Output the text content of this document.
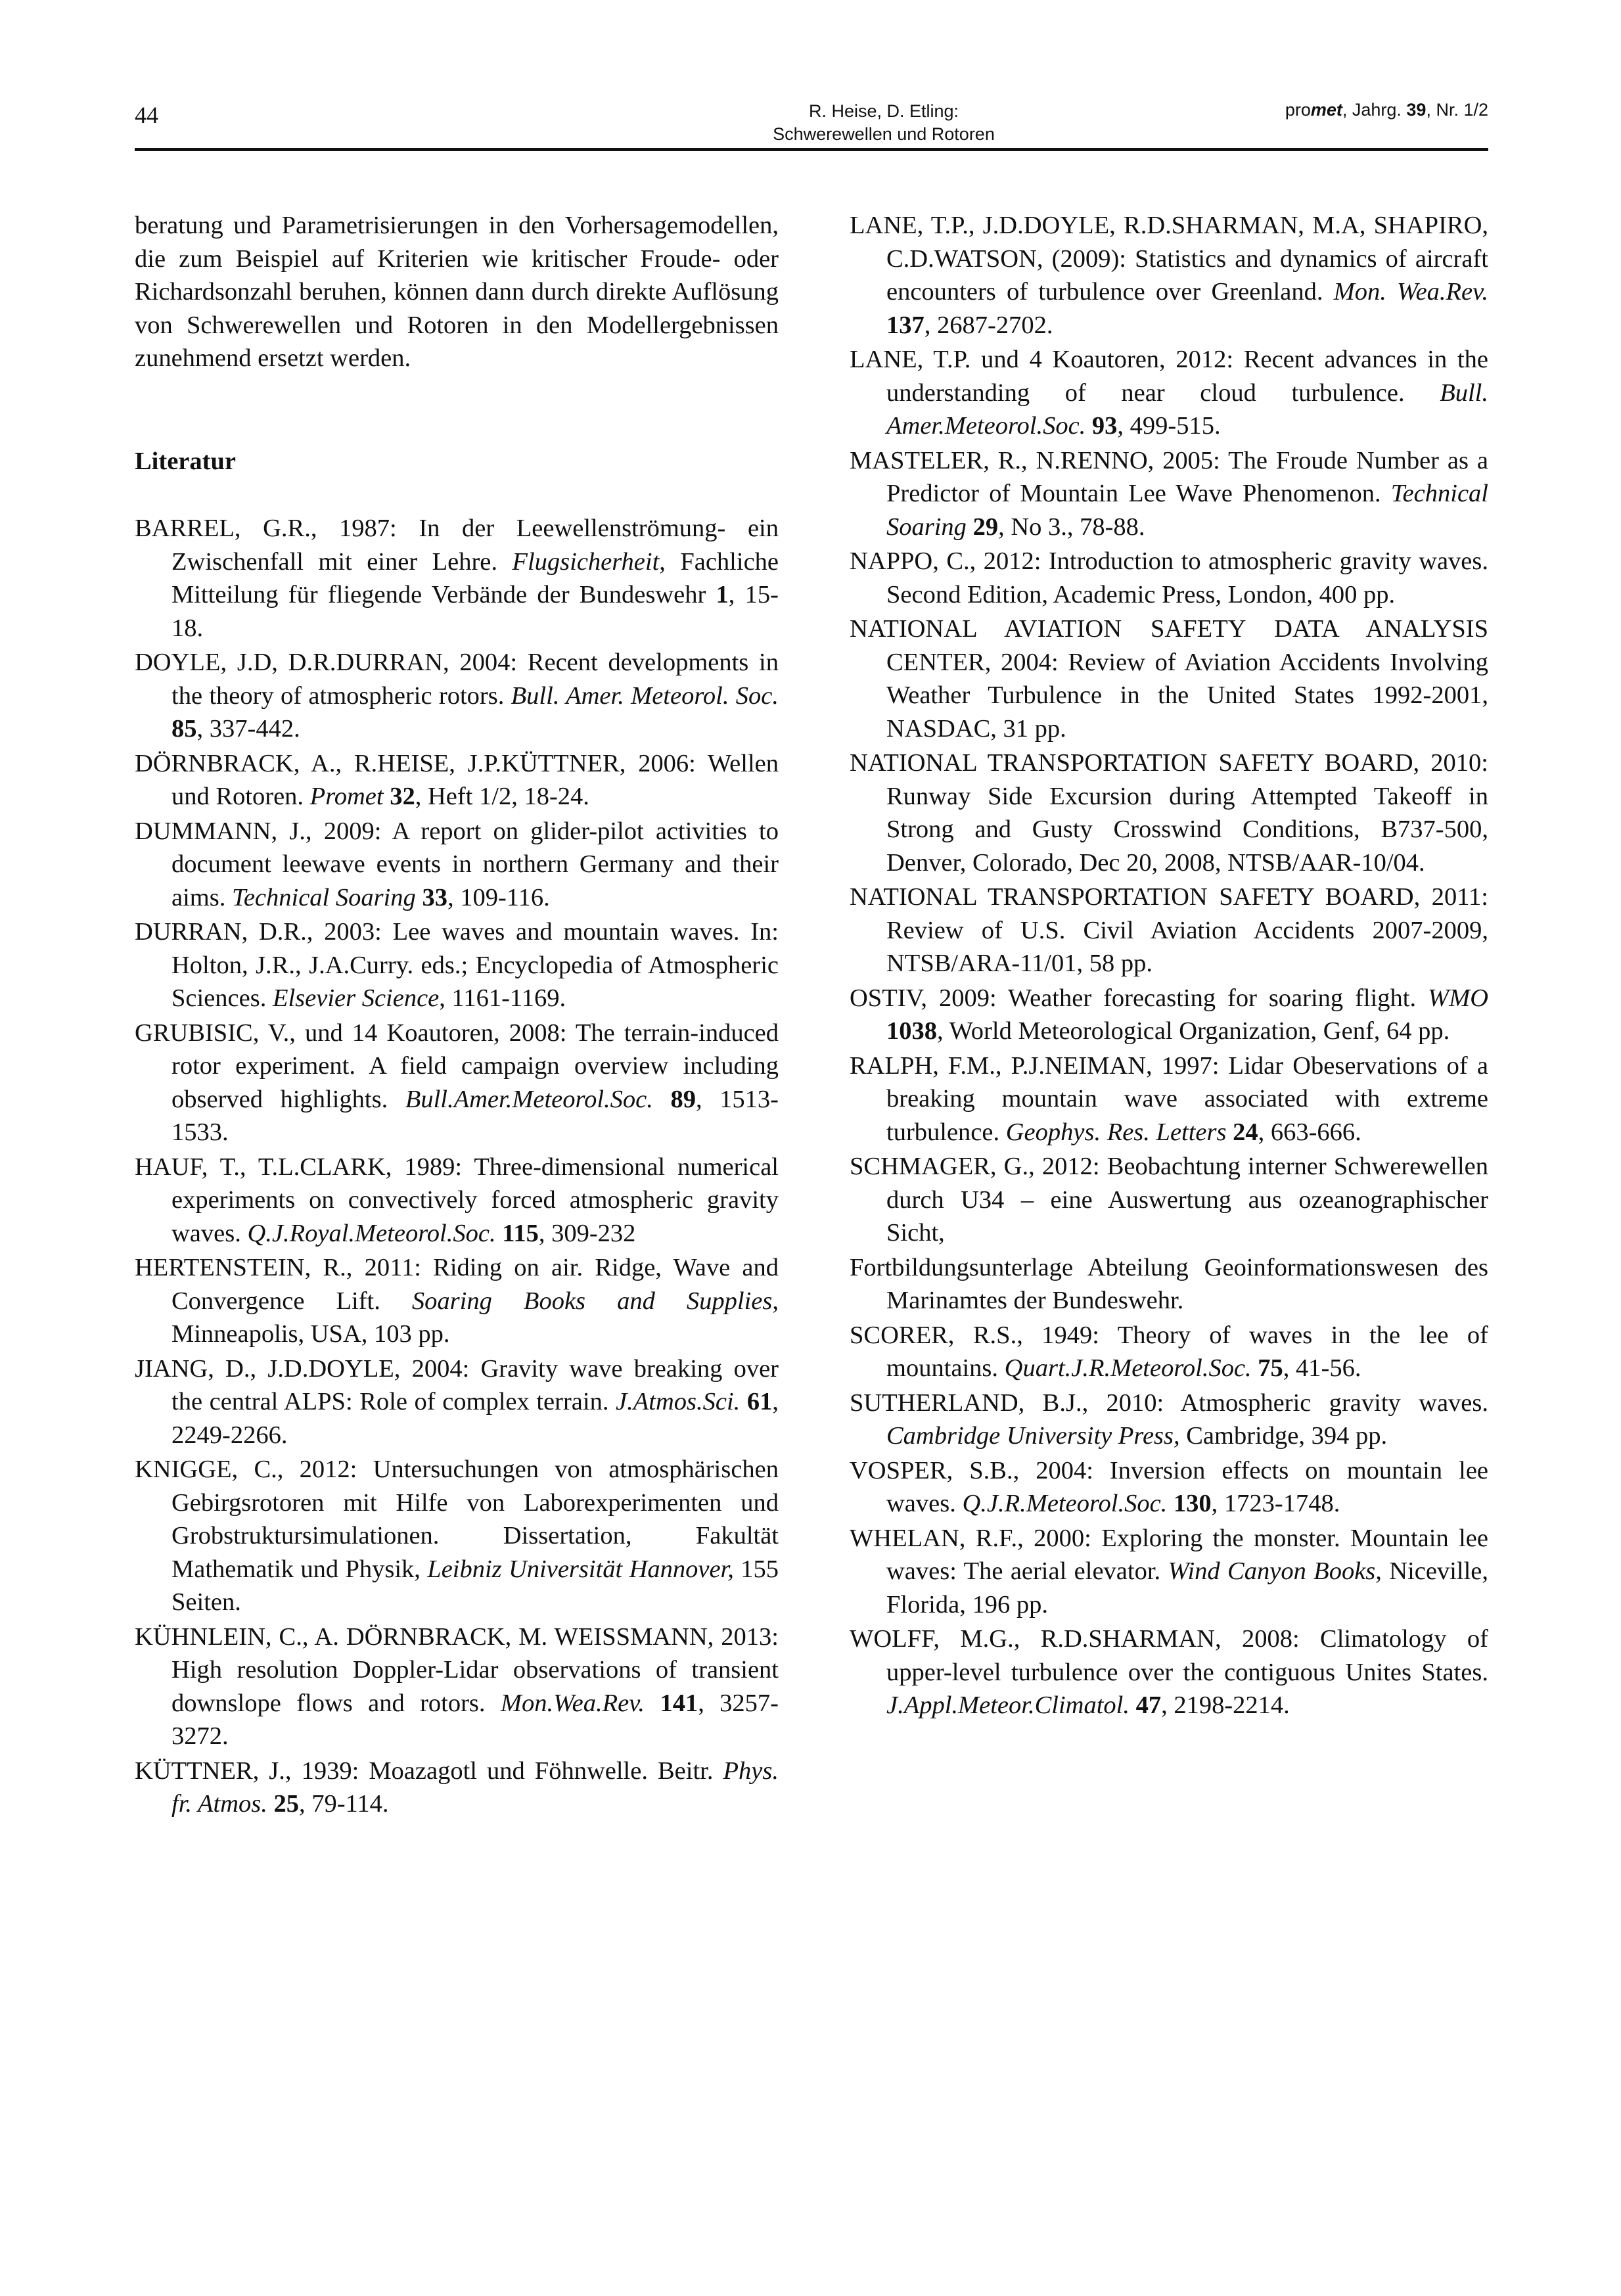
44	R. Heise, D. Etling:
Schwerewellen und Rotoren
promet, Jahrg. 39, Nr. 1/2

beratung und Parametrisierungen in den Vorhersagemodellen, die zum Beispiel auf Kriterien wie kritischer Froude- oder Richardsonzahl beruhen, können dann durch direkte Auflösung von Schwerewellen und Rotoren in den Modellergebnissen zunehmend ersetzt werden.

Literatur

BARREL, G.R., 1987: In der Leewellenströmung- ein Zwischenfall mit einer Lehre. Flugsicherheit, Fachliche Mitteilung für fliegende Verbände der Bundeswehr 1, 15-18.

DOYLE, J.D, D.R.DURRAN, 2004: Recent developments in the theory of atmospheric rotors. Bull. Amer. Meteorol. Soc. 85, 337-442.

DÖRNBRACK, A., R.HEISE, J.P.KÜTTNER, 2006: Wellen und Rotoren. Promet 32, Heft 1/2, 18-24.

DUMMANN, J., 2009: A report on glider-pilot activities to document leewave events in northern Germany and their aims. Technical Soaring 33, 109-116.

DURRAN, D.R., 2003: Lee waves and mountain waves. In: Holton, J.R., J.A.Curry. eds.; Encyclopedia of Atmospheric Sciences. Elsevier Science, 1161-1169.

GRUBISIC, V., und 14 Koautoren, 2008: The terrain-induced rotor experiment. A field campaign overview including observed highlights. Bull.Amer.Meteorol.Soc. 89, 1513-1533.

HAUF, T., T.L.CLARK, 1989: Three-dimensional numerical experiments on convectively forced atmospheric gravity waves. Q.J.Royal.Meteorol.Soc. 115, 309-232

HERTENSTEIN, R., 2011: Riding on air. Ridge, Wave and Convergence Lift. Soaring Books and Supplies, Minneapolis, USA, 103 pp.

JIANG, D., J.D.DOYLE, 2004: Gravity wave breaking over the central ALPS: Role of complex terrain. J.Atmos.Sci. 61, 2249-2266.

KNIGGE, C., 2012: Untersuchungen von atmosphärischen Gebirgsrotoren mit Hilfe von Laborexperimenten und Grobstruktursimulationen. Dissertation, Fakultät Mathematik und Physik, Leibniz Universität Hannover, 155 Seiten.

KÜHNLEIN, C., A. DÖRNBRACK, M. WEISSMANN, 2013: High resolution Doppler-Lidar observations of transient downslope flows and rotors. Mon.Wea.Rev. 141, 3257-3272.

KÜTTNER, J., 1939: Moazagotl und Föhnwelle. Beitr. Phys. fr. Atmos. 25, 79-114.

LANE, T.P., J.D.DOYLE, R.D.SHARMAN, M.A, SHAPIRO, C.D.WATSON, (2009): Statistics and dynamics of aircraft encounters of turbulence over Greenland. Mon. Wea.Rev. 137, 2687-2702.

LANE, T.P. und 4 Koautoren, 2012: Recent advances in the understanding of near cloud turbulence. Bull. Amer.Meteorol.Soc. 93, 499-515.

MASTELER, R., N.RENNO, 2005: The Froude Number as a Predictor of Mountain Lee Wave Phenomenon. Technical Soaring 29, No 3., 78-88.

NAPPO, C., 2012: Introduction to atmospheric gravity waves. Second Edition, Academic Press, London, 400 pp.

NATIONAL AVIATION SAFETY DATA ANALYSIS CENTER, 2004: Review of Aviation Accidents Involving Weather Turbulence in the United States 1992-2001, NASDAC, 31 pp.

NATIONAL TRANSPORTATION SAFETY BOARD, 2010: Runway Side Excursion during Attempted Takeoff in Strong and Gusty Crosswind Conditions, B737-500, Denver, Colorado, Dec 20, 2008, NTSB/AAR-10/04.

NATIONAL TRANSPORTATION SAFETY BOARD, 2011: Review of U.S. Civil Aviation Accidents 2007-2009, NTSB/ARA-11/01, 58 pp.

OSTIV, 2009: Weather forecasting for soaring flight. WMO 1038, World Meteorological Organization, Genf, 64 pp.

RALPH, F.M., P.J.NEIMAN, 1997: Lidar Obeservations of a breaking mountain wave associated with extreme turbulence. Geophys. Res. Letters 24, 663-666.

SCHMAGER, G., 2012: Beobachtung interner Schwerewellen durch U34 – eine Auswertung aus ozeanographischer Sicht,

Fortbildungsunterlage Abteilung Geoinformationswesen des Marinamtes der Bundeswehr.

SCORER, R.S., 1949: Theory of waves in the lee of mountains. Quart.J.R.Meteorol.Soc. 75, 41-56.

SUTHERLAND, B.J., 2010: Atmospheric gravity waves. Cambridge University Press, Cambridge, 394 pp.

VOSPER, S.B., 2004: Inversion effects on mountain lee waves. Q.J.R.Meteorol.Soc. 130, 1723-1748.

WHELAN, R.F., 2000: Exploring the monster. Mountain lee waves: The aerial elevator. Wind Canyon Books, Niceville, Florida, 196 pp.

WOLFF, M.G., R.D.SHARMAN, 2008: Climatology of upper-level turbulence over the contiguous Unites States. J.Appl.Meteor.Climatol. 47, 2198-2214.
